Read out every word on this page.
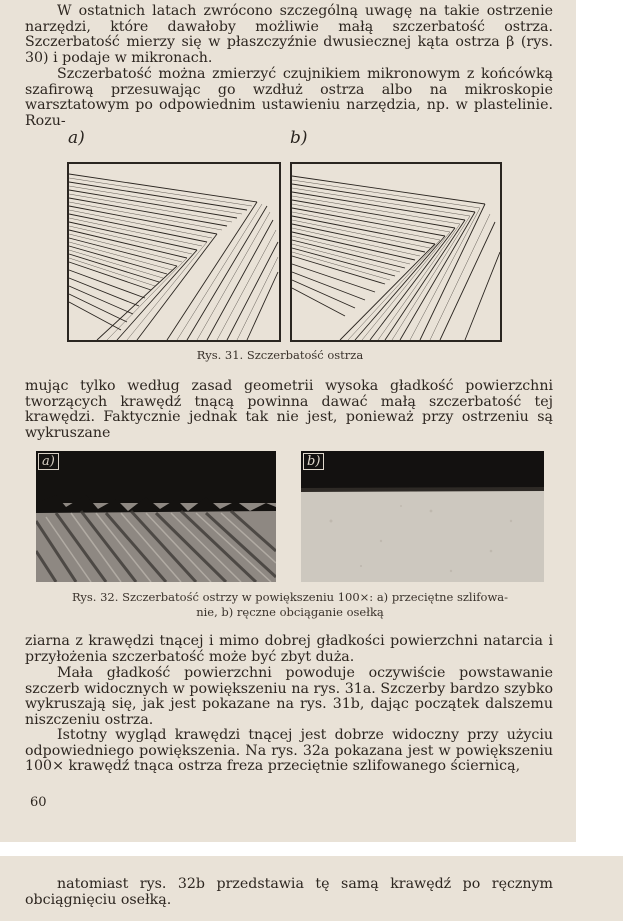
W ostatnich latach zwrócono szczególną uwagę na takie ostrzenie narzędzi, które dawałoby możliwie małą szczerbatość ostrza. Szczerbatość mierzy się w płaszczyźnie dwusiecznej kąta ostrza β (rys. 30) i podaje w mikronach.

Szczerbatość można zmierzyć czujnikiem mikronowym z końcówką szafirową przesuwając go wzdłuż ostrza albo na mikroskopie warsztatowym po odpowiednim ustawieniu narzędzia, np. w plastelinie. Rozu-

a)	b)
Rys. 31. Szczerbatość ostrza

mując tylko według zasad geometrii wysoka gładkość powierzchni tworzących krawędź tnącą powinna dawać małą szczerbatość tej krawędzi. Faktycznie jednak tak nie jest, ponieważ przy ostrzeniu są wykruszane

a)	b)
Rys. 32. Szczerbatość ostrzy w powiększeniu 100×: a) przeciętne szlifowa-
nie, b) ręczne obciąganie osełką

ziarna z krawędzi tnącej i mimo dobrej gładkości powierzchni natarcia i przyłożenia szczerbatość może być zbyt duża.

Mała gładkość powierzchni powoduje oczywiście powstawanie szczerb widocznych w powiększeniu na rys. 31a. Szczerby bardzo szybko wykruszają się, jak jest pokazane na rys. 31b, dając początek dalszemu niszczeniu ostrza.

Istotny wygląd krawędzi tnącej jest dobrze widoczny przy użyciu odpowiedniego powiększenia. Na rys. 32a pokazana jest w powiększeniu 100× krawędź tnąca ostrza freza przeciętnie szlifowanego ściernicą,

60

natomiast rys. 32b przedstawia tę samą krawędź po ręcznym obciągnięciu osełką.
